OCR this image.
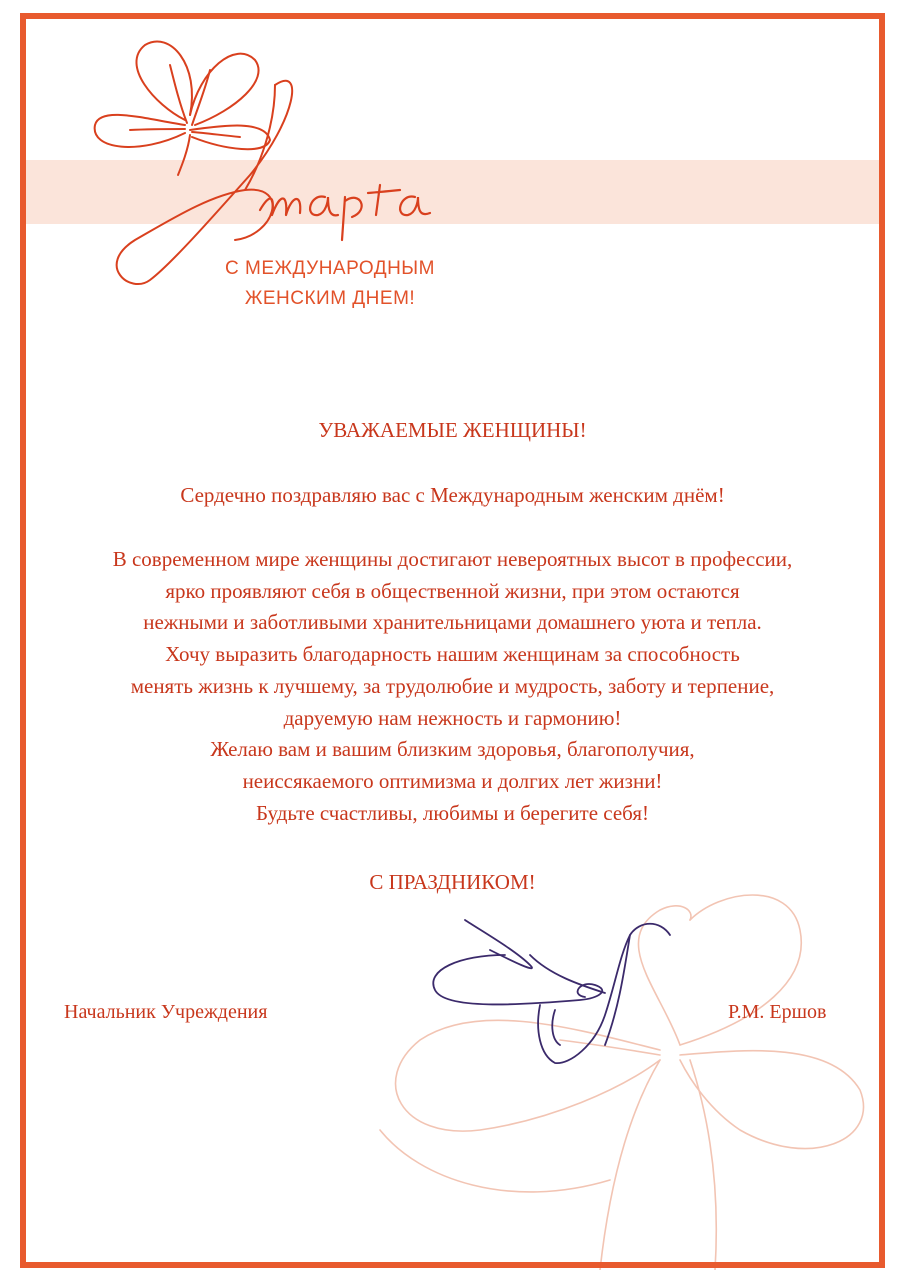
С МЕЖДУНАРОДНЫМ
ЖЕНСКИМ ДНЕМ!
УВАЖАЕМЫЕ ЖЕНЩИНЫ!
Сердечно поздравляю вас с Международным женским днём!
В современном мире женщины достигают невероятных высот в профессии,
ярко проявляют себя в общественной жизни, при этом остаются
нежными и заботливыми хранительницами домашнего уюта и тепла.
Хочу выразить благодарность нашим женщинам за способность
менять жизнь к лучшему, за трудолюбие и мудрость, заботу и терпение,
даруемую нам нежность и гармонию!
Желаю вам и вашим близким здоровья, благополучия,
неиссякаемого оптимизма и долгих лет жизни!
Будьте счастливы, любимы и берегите себя!
С ПРАЗДНИКОМ!
Начальник Учреждения	Р.М. Ершов
